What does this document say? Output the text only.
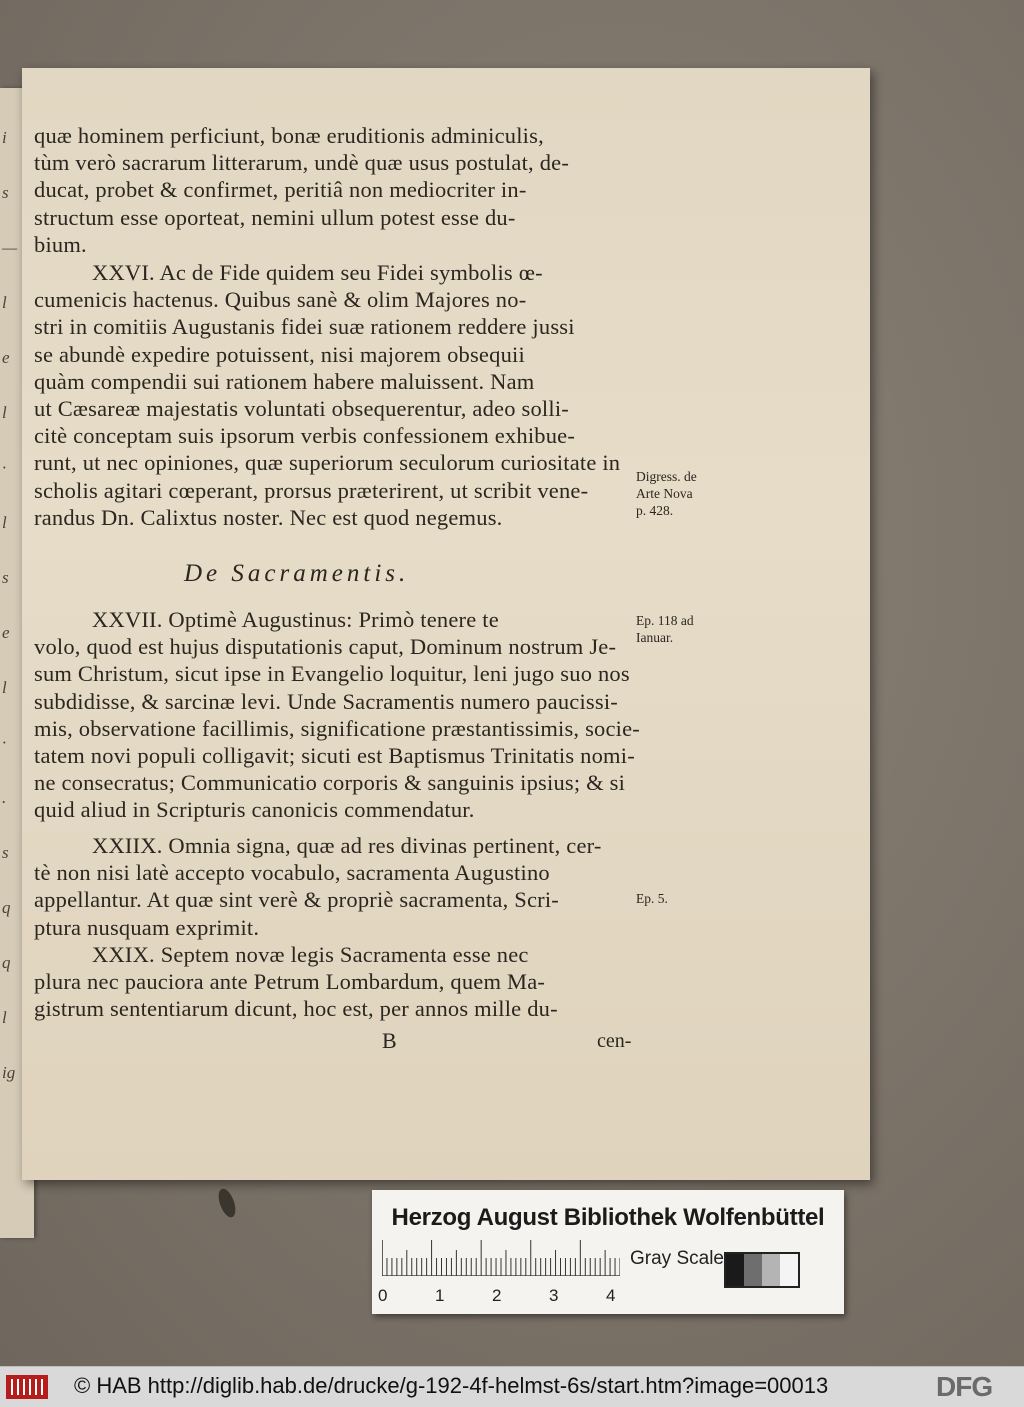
i
s
—
l
e
l
·
l
s
e
l
·
.
s
q
q
l
ig
quæ hominem perficiunt, bonæ eruditionis adminiculis,
tùm verò sacrarum litterarum, undè quæ usus postulat, de-
ducat, probet & confirmet, peritiâ non mediocriter in-
structum esse oporteat, nemini ullum potest esse du-
bium.
XXVI. Ac de Fide quidem seu Fidei symbolis œ-
cumenicis hactenus. Quibus sanè & olim Majores no-
stri in comitiis Augustanis fidei suæ rationem reddere jussi
se abundè expedire potuissent, nisi majorem obsequii
quàm compendii sui rationem habere maluissent. Nam
ut Cæsareæ majestatis voluntati obsequerentur, adeo solli-
citè conceptam suis ipsorum verbis confessionem exhibue-
runt, ut nec opiniones, quæ superiorum seculorum curiositate in
scholis agitari cœperant, prorsus præterirent, ut scribit vene-
randus Dn. Calixtus noster. Nec est quod negemus.
XXVII. Optimè Augustinus: Primò tenere te
volo, quod est hujus disputationis caput, Dominum nostrum Je-
sum Christum, sicut ipse in Evangelio loquitur, leni jugo suo nos
subdidisse, & sarcinæ levi. Unde Sacramentis numero paucissi-
mis, observatione facillimis, significatione præstantissimis, socie-
tatem novi populi colligavit; sicuti est Baptismus Trinitatis nomi-
ne consecratus; Communicatio corporis & sanguinis ipsius; & si
quid aliud in Scripturis canonicis commendatur.
XXIIX. Omnia signa, quæ ad res divinas pertinent, cer-
tè non nisi latè accepto vocabulo, sacramenta Augustino
appellantur. At quæ sint verè & propriè sacramenta, Scri-
ptura nusquam exprimit.
XXIX. Septem novæ legis Sacramenta esse nec
plura nec pauciora ante Petrum Lombardum, quem Ma-
gistrum sententiarum dicunt, hoc est, per annos mille du-
De Sacramentis.
Digress. de
Arte Nova
p. 428.
Ep. 118 ad
Ianuar.
Ep. 5.
B	cen-
Herzog August Bibliothek Wolfenbüttel
0	1	2	3	4
Gray Scale
© HAB http://diglib.hab.de/drucke/g-192-4f-helmst-6s/start.htm?image=00013	DFG
